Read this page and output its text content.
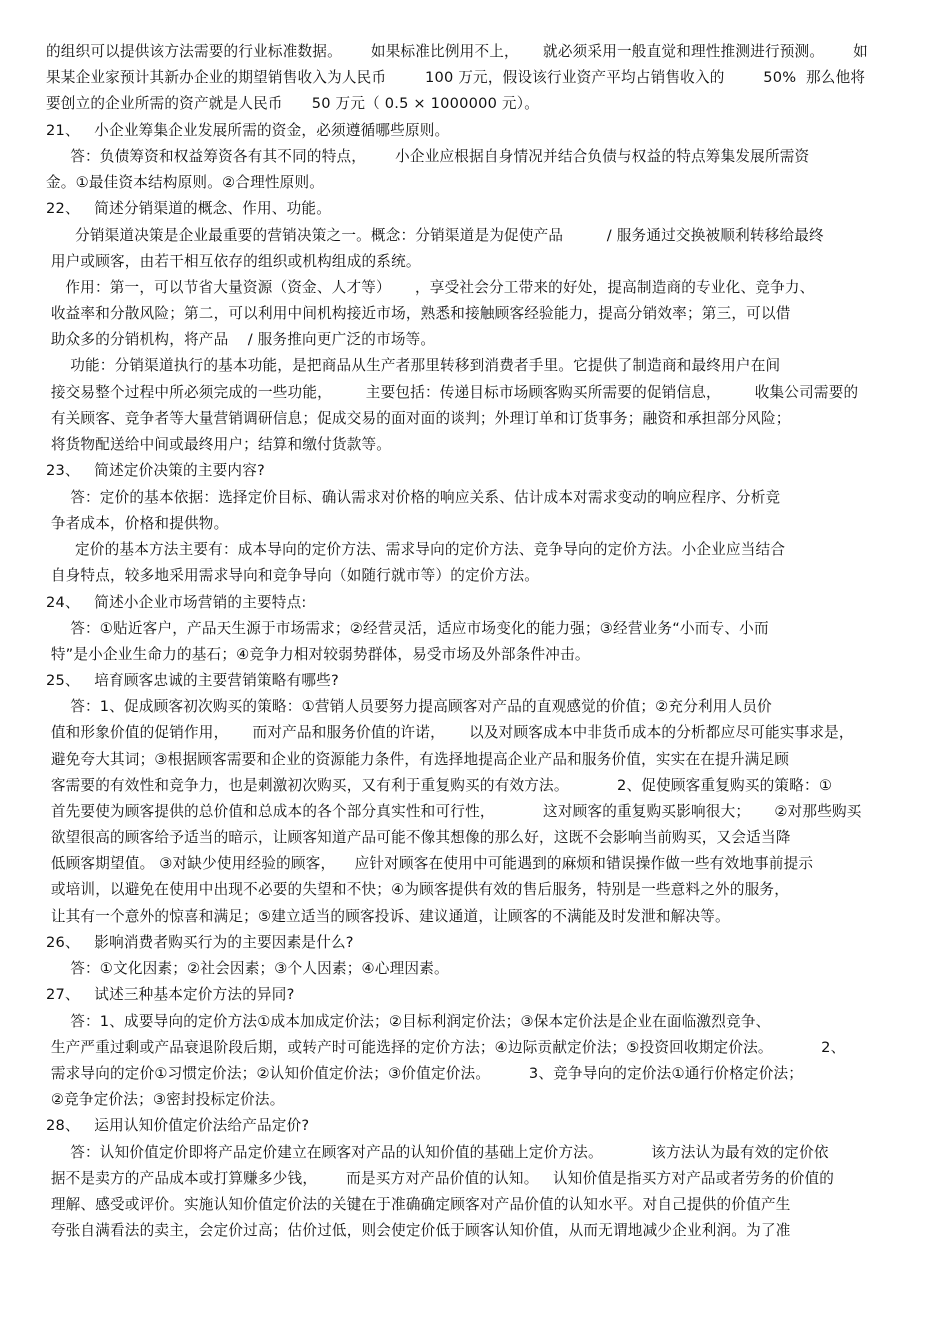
的组织可以提供该方法需要的行业标准数据。      如果标准比例用不上，     就必须采用一般直觉和理性推测进行预测。      如
果某企业家预计其新办企业的期望销售收入为人民币        100 万元，假设该行业资产平均占销售收入的        50%  那么他将
要创立的企业所需的资产就是人民币      50 万元（ 0.5 × 1000000 元）。
21、   小企业筹集企业发展所需的资金，必须遵循哪些原则。
答：负债筹资和权益筹资各有其不同的特点，      小企业应根据自身情况并结合负债与权益的特点筹集发展所需资
金。①最佳资本结构原则。②合理性原则。
22、   简述分销渠道的概念、作用、功能。
分销渠道决策是企业最重要的营销决策之一。概念：分销渠道是为促使产品         / 服务通过交换被顺利转移给最终
用户或顾客，由若干相互依存的组织或机构组成的系统。
作用：第一，可以节省大量资源（资金、人才等）     ，享受社会分工带来的好处，提高制造商的专业化、竞争力、
收益率和分散风险；第二，可以利用中间机构接近市场，熟悉和接触顾客经验能力，提高分销效率；第三，可以借
助众多的分销机构，将产品    / 服务推向更广泛的市场等。
功能：分销渠道执行的基本功能，是把商品从生产者那里转移到消费者手里。它提供了制造商和最终用户在间
接交易整个过程中所必须完成的一些功能，       主要包括：传递目标市场顾客购买所需要的促销信息，       收集公司需要的
有关顾客、竞争者等大量营销调研信息；促成交易的面对面的谈判；外理订单和订货事务；融资和承担部分风险；
将货物配送给中间或最终用户；结算和缴付货款等。
23、   简述定价决策的主要内容?
答：定价的基本依据：选择定价目标、确认需求对价格的响应关系、估计成本对需求变动的响应程序、分析竞
争者成本，价格和提供物。
定价的基本方法主要有：成本导向的定价方法、需求导向的定价方法、竞争导向的定价方法。小企业应当结合
自身特点，较多地采用需求导向和竞争导向（如随行就市等）的定价方法。
24、   简述小企业市场营销的主要特点:
答：①贴近客户，产品天生源于市场需求；②经营灵活，适应市场变化的能力强；③经营业务“小而专、小而
特”是小企业生命力的基石；④竞争力相对较弱势群体，易受市场及外部条件冲击。
25、   培育顾客忠诚的主要营销策略有哪些?
答：1、促成顾客初次购买的策略：①营销人员要努力提高顾客对产品的直观感觉的价值；②充分利用人员价
值和形象价值的促销作用，     而对产品和服务价值的许诺，     以及对顾客成本中非货币成本的分析都应尽可能实事求是，
避免夸大其词；③根据顾客需要和企业的资源能力条件，有选择地提高企业产品和服务价值，实实在在提升满足顾
客需要的有效性和竞争力，也是刺激初次购买，又有利于重复购买的有效方法。          2、促使顾客重复购买的策略：①
首先要使为顾客提供的总价值和总成本的各个部分真实性和可行性，          这对顾客的重复购买影响很大；     ②对那些购买
欲望很高的顾客给予适当的暗示，让顾客知道产品可能不像其想像的那么好，这既不会影响当前购买，又会适当降
低顾客期望值。 ③对缺少使用经验的顾客，    应针对顾客在使用中可能遇到的麻烦和错误操作做一些有效地事前提示
或培训，以避免在使用中出现不必要的失望和不快；④为顾客提供有效的售后服务，特别是一些意料之外的服务，
让其有一个意外的惊喜和满足；⑤建立适当的顾客投诉、建议通道，让顾客的不满能及时发泄和解决等。
26、   影响消费者购买行为的主要因素是什么?
答：①文化因素；②社会因素；③个人因素；④心理因素。
27、   试述三种基本定价方法的异同?
答：1、成要导向的定价方法①成本加成定价法；②目标利润定价法；③保本定价法是企业在面临激烈竞争、
生产严重过剩或产品衰退阶段后期，或转产时可能选择的定价方法；④边际贡献定价法；⑤投资回收期定价法。          2、
需求导向的定价①习惯定价法；②认知价值定价法；③价值定价法。        3、竞争导向的定价法①通行价格定价法；
②竞争定价法；③密封投标定价法。
28、   运用认知价值定价法给产品定价?
答：认知价值定价即将产品定价建立在顾客对产品的认知价值的基础上定价方法。          该方法认为最有效的定价依
据不是卖方的产品成本或打算赚多少钱，      而是买方对产品价值的认知。   认知价值是指买方对产品或者劳务的价值的
理解、感受或评价。实施认知价值定价法的关键在于准确确定顾客对产品价值的认知水平。对自己提供的价值产生
夸张自满看法的卖主，会定价过高；估价过低，则会使定价低于顾客认知价值，从而无谓地减少企业利润。为了准
